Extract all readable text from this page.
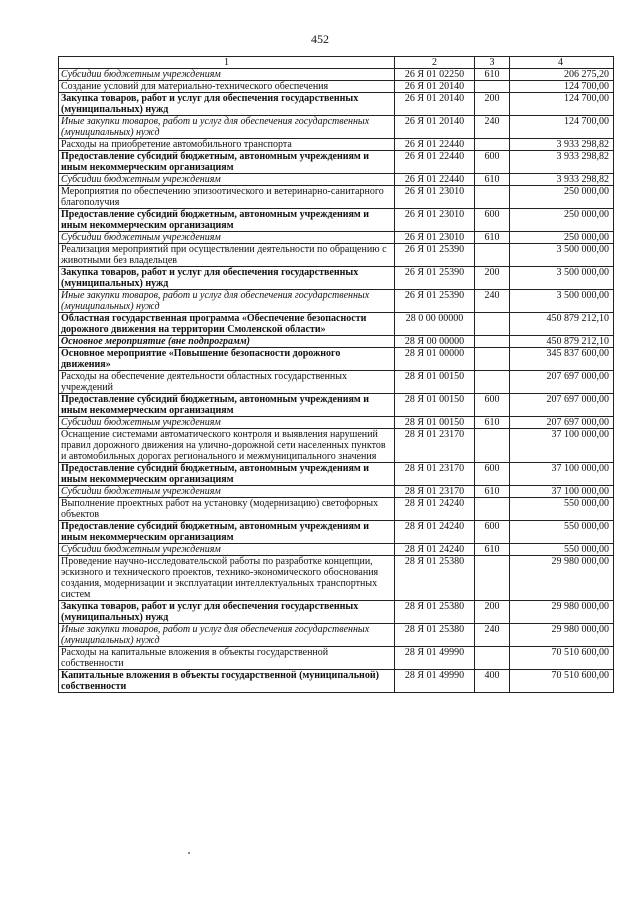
452
1	2	3	4
Субсидии бюджетным учреждениям	26 Я 01 02250	610	206 275,20
Создание условий для материально-технического обеспечения	26 Я 01 20140		124 700,00
Закупка товаров, работ и услуг для обеспечения государственных (муниципальных) нужд	26 Я 01 20140	200	124 700,00
Иные закупки товаров, работ и услуг для обеспечения государственных (муниципальных) нужд	26 Я 01 20140	240	124 700,00
Расходы на приобретение автомобильного транспорта	26 Я 01 22440		3 933 298,82
Предоставление субсидий бюджетным, автономным учреждениям и иным некоммерческим организациям	26 Я 01 22440	600	3 933 298,82
Субсидии бюджетным учреждениям	26 Я 01 22440	610	3 933 298,82
Мероприятия по обеспечению эпизоотического и ветеринарно-санитарного благополучия	26 Я 01 23010		250 000,00
Предоставление субсидий бюджетным, автономным учреждениям и иным некоммерческим организациям	26 Я 01 23010	600	250 000,00
Субсидии бюджетным учреждениям	26 Я 01 23010	610	250 000,00
Реализация мероприятий при осуществлении деятельности по обращению с животными без владельцев	26 Я 01 25390		3 500 000,00
Закупка товаров, работ и услуг для обеспечения государственных (муниципальных) нужд	26 Я 01 25390	200	3 500 000,00
Иные закупки товаров, работ и услуг для обеспечения государственных (муниципальных) нужд	26 Я 01 25390	240	3 500 000,00
Областная государственная программа «Обеспечение безопасности дорожного движения на территории Смоленской области»	28 0 00 00000		450 879 212,10
Основное мероприятие (вне подпрограмм)	28 Я 00 00000		450 879 212,10
Основное мероприятие «Повышение безопасности дорожного движения»	28 Я 01 00000		345 837 600,00
Расходы на обеспечение деятельности областных государственных учреждений	28 Я 01 00150		207 697 000,00
Предоставление субсидий бюджетным, автономным учреждениям и иным некоммерческим организациям	28 Я 01 00150	600	207 697 000,00
Субсидии бюджетным учреждениям	28 Я 01 00150	610	207 697 000,00
Оснащение системами автоматического контроля и выявления нарушений правил дорожного движения на улично-дорожной сети населенных пунктов и автомобильных дорогах регионального и межмуниципального значения	28 Я 01 23170		37 100 000,00
Предоставление субсидий бюджетным, автономным учреждениям и иным некоммерческим организациям	28 Я 01 23170	600	37 100 000,00
Субсидии бюджетным учреждениям	28 Я 01 23170	610	37 100 000,00
Выполнение проектных работ на установку (модернизацию) светофорных объектов	28 Я 01 24240		550 000,00
Предоставление субсидий бюджетным, автономным учреждениям и иным некоммерческим организациям	28 Я 01 24240	600	550 000,00
Субсидии бюджетным учреждениям	28 Я 01 24240	610	550 000,00
Проведение научно-исследовательской работы по разработке концепции, эскизного и технического проектов, технико-экономического обоснования создания, модернизации и эксплуатации интеллектуальных транспортных систем	28 Я 01 25380		29 980 000,00
Закупка товаров, работ и услуг для обеспечения государственных (муниципальных) нужд	28 Я 01 25380	200	29 980 000,00
Иные закупки товаров, работ и услуг для обеспечения государственных (муниципальных) нужд	28 Я 01 25380	240	29 980 000,00
Расходы на капитальные вложения в объекты государственной собственности	28 Я 01 49990		70 510 600,00
Капитальные вложения в объекты государственной (муниципальной) собственности	28 Я 01 49990	400	70 510 600,00
